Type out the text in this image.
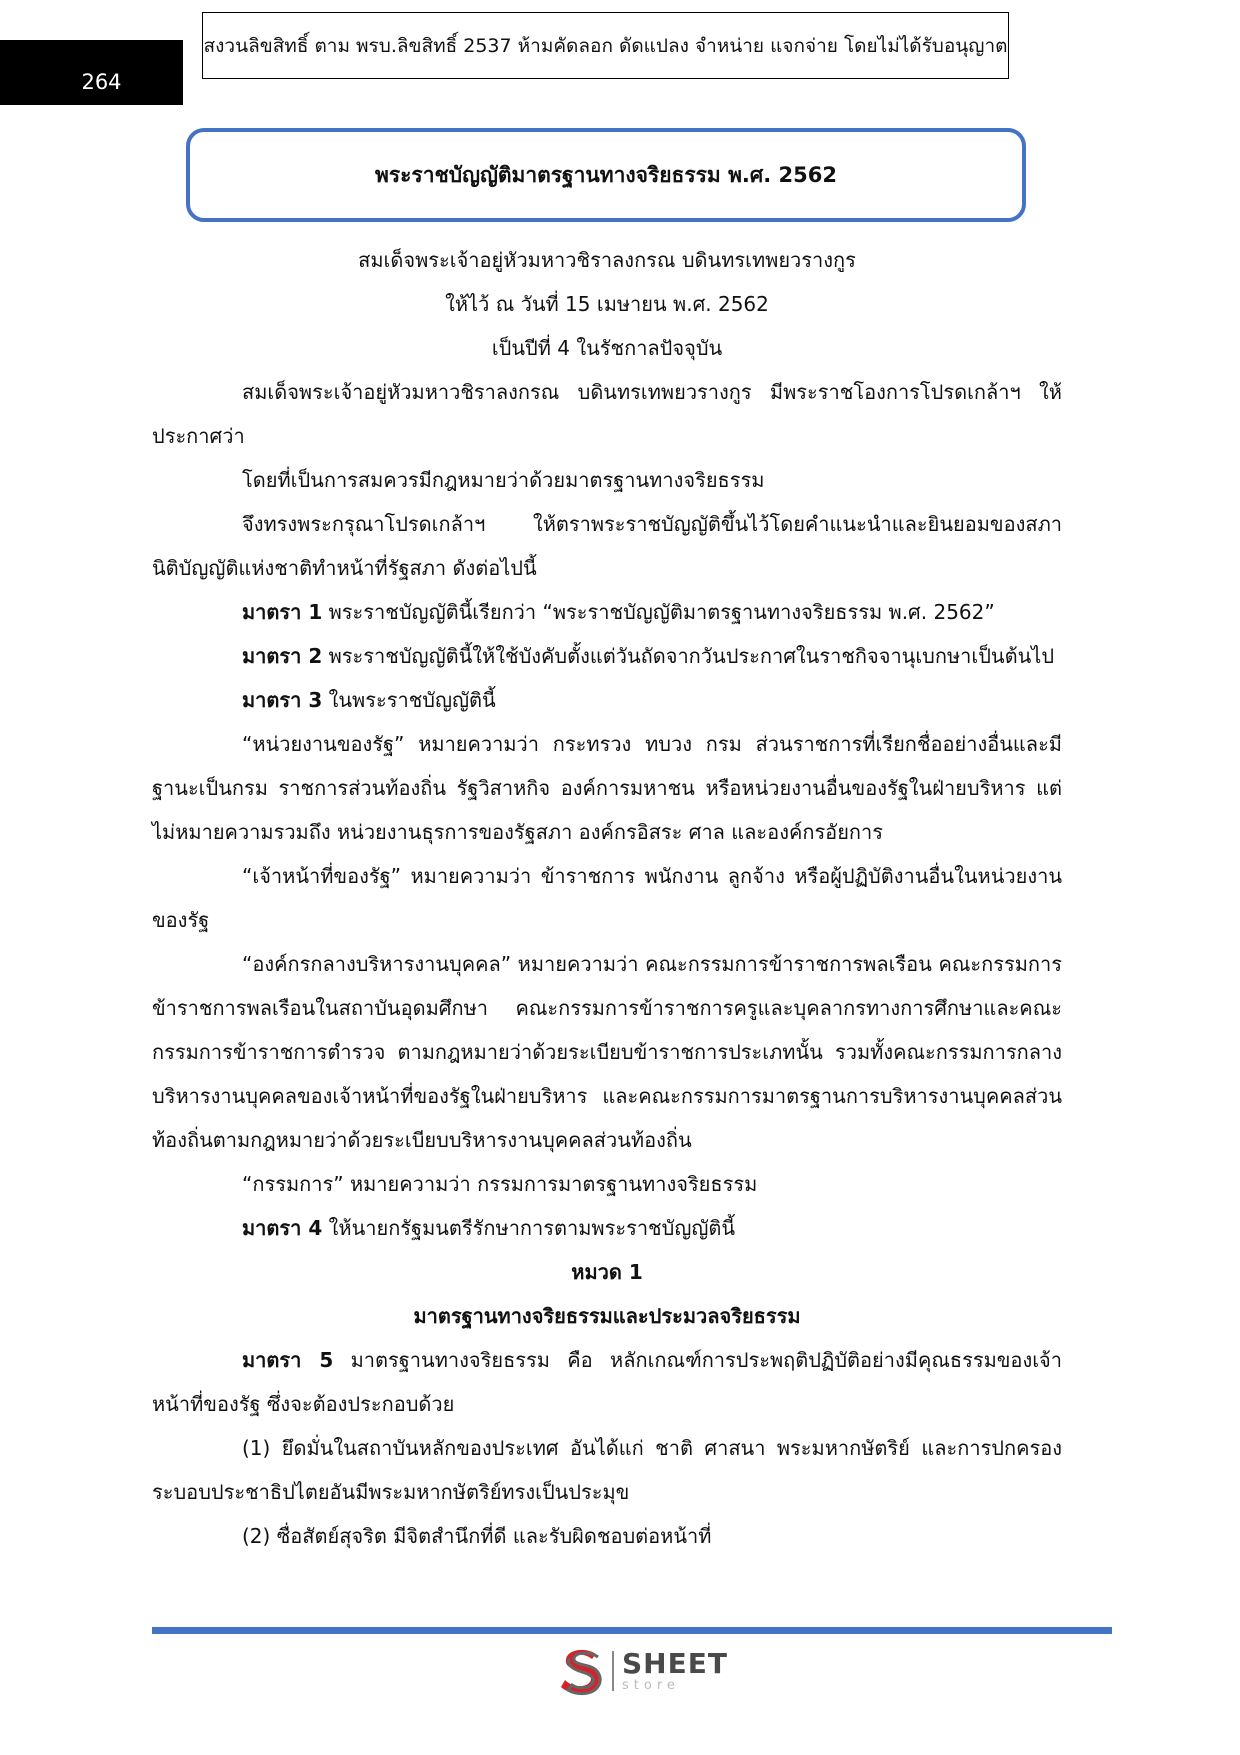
264
สงวนลิขสิทธิ์ ตาม พรบ.ลิขสิทธิ์ 2537 ห้ามคัดลอก ดัดแปลง จำหน่าย แจกจ่าย โดยไม่ได้รับอนุญาต
พระราชบัญญัติมาตรฐานทางจริยธรรม พ.ศ. 2562

สมเด็จพระเจ้าอยู่หัวมหาวชิราลงกรณ บดินทรเทพยวรางกูร

ให้ไว้ ณ วันที่ 15 เมษายน พ.ศ. 2562

เป็นปีที่ 4 ในรัชกาลปัจจุบัน

สมเด็จพระเจ้าอยู่หัวมหาวชิราลงกรณ บดินทรเทพยวรางกูร มีพระราชโองการโปรดเกล้าฯ ให้ประกาศว่า

โดยที่เป็นการสมควรมีกฎหมายว่าด้วยมาตรฐานทางจริยธรรม

จึงทรงพระกรุณาโปรดเกล้าฯ ให้ตราพระราชบัญญัติขึ้นไว้โดยคำแนะนำและยินยอมของสภานิติบัญญัติแห่งชาติทำหน้าที่รัฐสภา ดังต่อไปนี้

มาตรา 1 พระราชบัญญัตินี้เรียกว่า “พระราชบัญญัติมาตรฐานทางจริยธรรม พ.ศ. 2562”

มาตรา 2 พระราชบัญญัตินี้ให้ใช้บังคับตั้งแต่วันถัดจากวันประกาศในราชกิจจานุเบกษาเป็นต้นไป

มาตรา 3 ในพระราชบัญญัตินี้

“หน่วยงานของรัฐ” หมายความว่า กระทรวง ทบวง กรม ส่วนราชการที่เรียกชื่ออย่างอื่นและมีฐานะเป็นกรม ราชการส่วนท้องถิ่น รัฐวิสาหกิจ องค์การมหาชน หรือหน่วยงานอื่นของรัฐในฝ่ายบริหาร แต่ไม่หมายความรวมถึง หน่วยงานธุรการของรัฐสภา องค์กรอิสระ ศาล และองค์กรอัยการ

“เจ้าหน้าที่ของรัฐ” หมายความว่า ข้าราชการ พนักงาน ลูกจ้าง หรือผู้ปฏิบัติงานอื่นในหน่วยงานของรัฐ

“องค์กรกลางบริหารงานบุคคล” หมายความว่า คณะกรรมการข้าราชการพลเรือน คณะกรรมการข้าราชการพลเรือนในสถาบันอุดมศึกษา คณะกรรมการข้าราชการครูและบุคลากรทางการศึกษาและคณะกรรมการข้าราชการตำรวจ ตามกฎหมายว่าด้วยระเบียบข้าราชการประเภทนั้น รวมทั้งคณะกรรมการกลางบริหารงานบุคคลของเจ้าหน้าที่ของรัฐในฝ่ายบริหาร และคณะกรรมการมาตรฐานการบริหารงานบุคคลส่วนท้องถิ่นตามกฎหมายว่าด้วยระเบียบบริหารงานบุคคลส่วนท้องถิ่น

“กรรมการ” หมายความว่า กรรมการมาตรฐานทางจริยธรรม

มาตรา 4 ให้นายกรัฐมนตรีรักษาการตามพระราชบัญญัตินี้

หมวด 1

มาตรฐานทางจริยธรรมและประมวลจริยธรรม

มาตรา 5 มาตรฐานทางจริยธรรม คือ หลักเกณฑ์การประพฤติปฏิบัติอย่างมีคุณธรรมของเจ้าหน้าที่ของรัฐ ซึ่งจะต้องประกอบด้วย

(1) ยึดมั่นในสถาบันหลักของประเทศ อันได้แก่ ชาติ ศาสนา พระมหากษัตริย์ และการปกครองระบอบประชาธิปไตยอันมีพระมหากษัตริย์ทรงเป็นประมุข

(2) ซื่อสัตย์สุจริต มีจิตสำนึกที่ดี และรับผิดชอบต่อหน้าที่

SHEET
store
